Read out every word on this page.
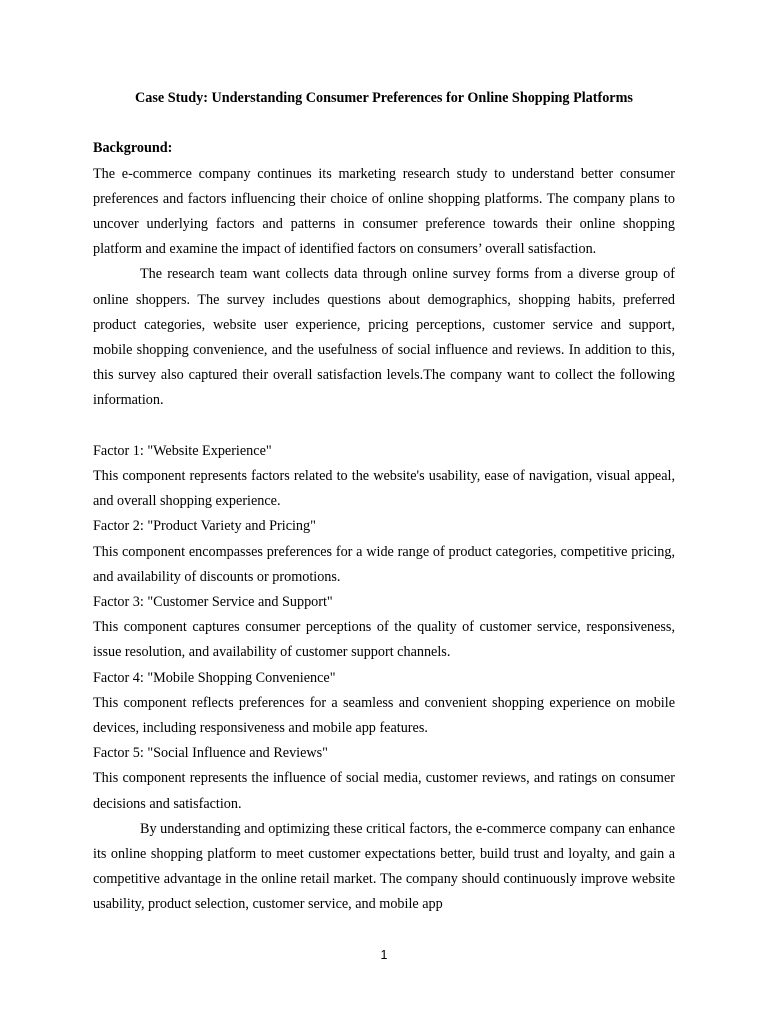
Case Study: Understanding Consumer Preferences for Online Shopping Platforms

Background:

The e-commerce company continues its marketing research study to understand better consumer preferences and factors influencing their choice of online shopping platforms. The company plans to uncover underlying factors and patterns in consumer preference towards their online shopping platform and examine the impact of identified factors on consumers’ overall satisfaction.

The research team want collects data through online survey forms from a diverse group of online shoppers. The survey includes questions about demographics, shopping habits, preferred product categories, website user experience, pricing perceptions, customer service and support, mobile shopping convenience, and the usefulness of social influence and reviews. In addition to this, this survey also captured their overall satisfaction levels.The company want to collect the following information.

Factor 1: "Website Experience"

This component represents factors related to the website's usability, ease of navigation, visual appeal, and overall shopping experience.

Factor 2: "Product Variety and Pricing"

This component encompasses preferences for a wide range of product categories, competitive pricing, and availability of discounts or promotions.

Factor 3: "Customer Service and Support"

This component captures consumer perceptions of the quality of customer service, responsiveness, issue resolution, and availability of customer support channels.

Factor 4: "Mobile Shopping Convenience"

This component reflects preferences for a seamless and convenient shopping experience on mobile devices, including responsiveness and mobile app features.

Factor 5: "Social Influence and Reviews"

This component represents the influence of social media, customer reviews, and ratings on consumer decisions and satisfaction.

By understanding and optimizing these critical factors, the e-commerce company can enhance its online shopping platform to meet customer expectations better, build trust and loyalty, and gain a competitive advantage in the online retail market. The company should continuously improve website usability, product selection, customer service, and mobile app

1
